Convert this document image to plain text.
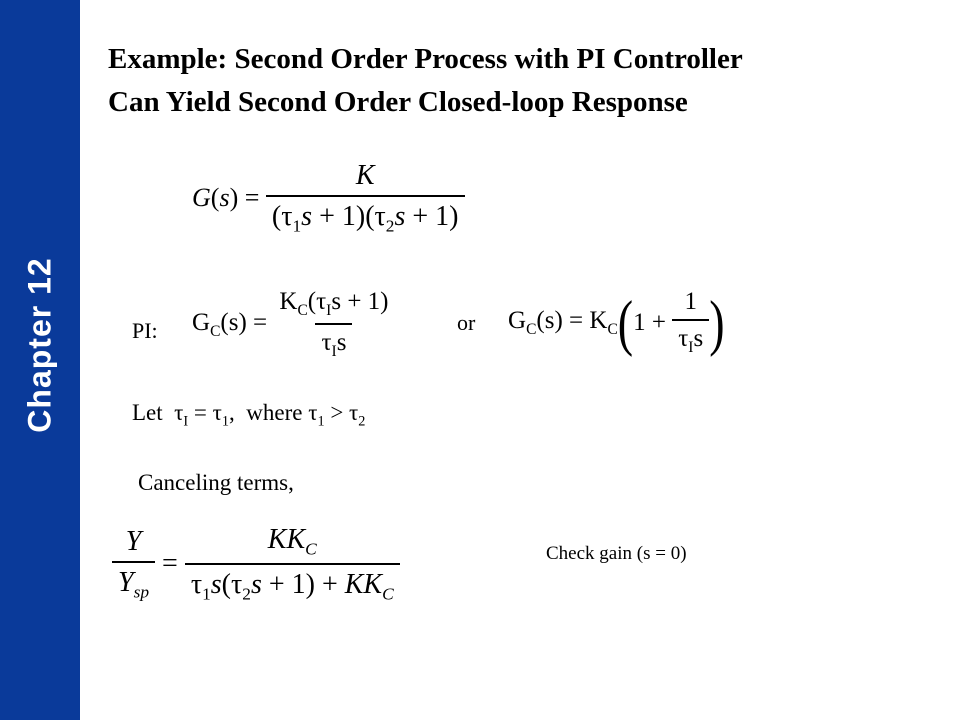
Chapter 12
Example: Second Order Process with PI Controller
Can Yield Second Order Closed-loop Response
$G(s) = \frac{K}{(\tau_1s + 1)(\tau_2s + 1)}$
PI: $G_C(s) = \frac{K_C(\tau_Is + 1)}{\tau_Is}$	or $G_C(s) = K_C$ ( $1 + \frac{1}{\tau_Is}$ )
Let  $\tau_I = \tau_1$,  where $\tau_1 > \tau_2$
Canceling terms,
$\frac{Y}{Y_{sp}} = \frac{KK_C}{\tau_1s(\tau_2s + 1) + KK_C}$	Check gain (s = 0)
